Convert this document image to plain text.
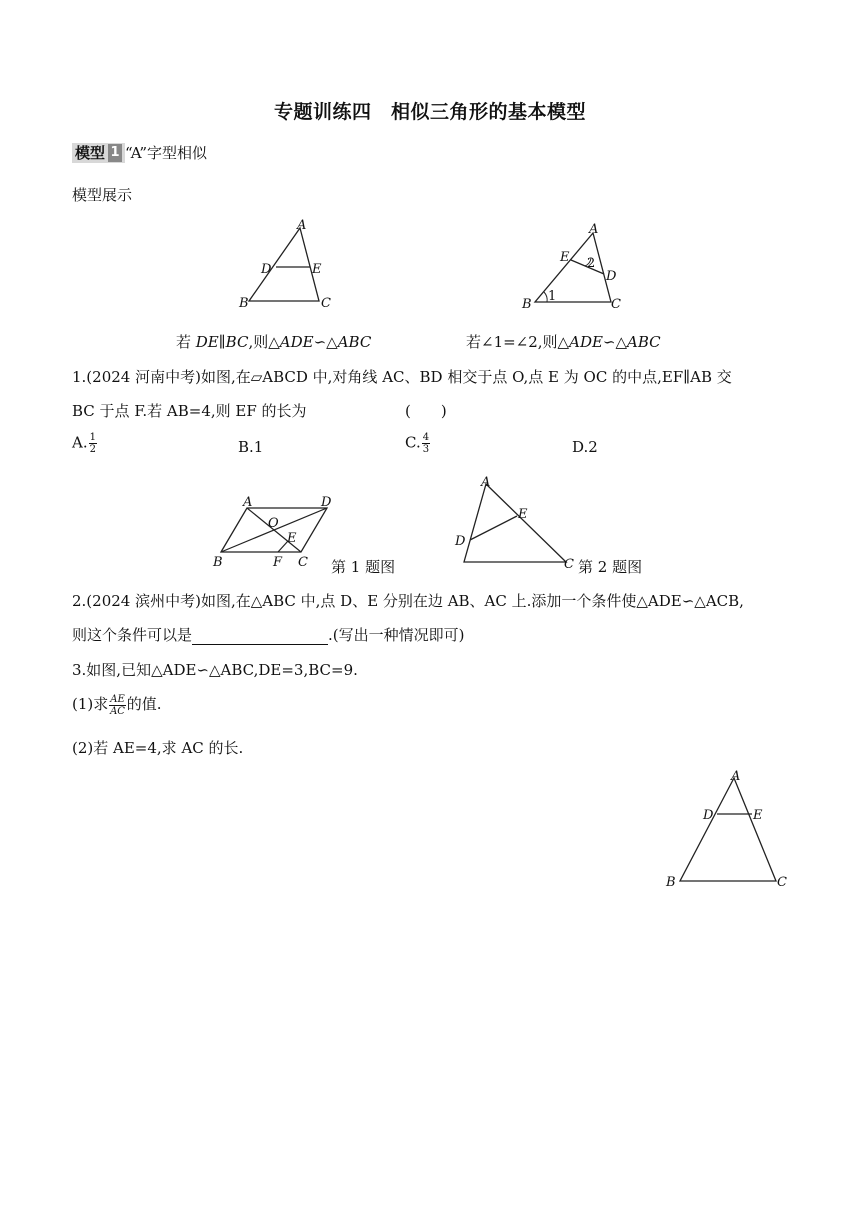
专题训练四　相似三角形的基本模型
模型 1 “A”字型相似
模型展示
A
D	E
B	C
A
E
D
B	C
1
2
若 DE∥BC,则△ADE∽△ABC	若∠1=∠2,则△ADE∽△ABC
1.(2024 河南中考)如图,在▱ABCD 中,对角线 AC、BD 相交于点 O,点 E 为 OC 的中点,EF∥AB 交
BC 于点 F.若 AB=4,则 EF 的长为	(　　)
A. $\frac{1}{2}$	B.1	C. $\frac{4}{3}$	D.2
A	D
O
E
B	F C 第 1 题图
A
E
D
C 第 2 题图
2.(2024 滨州中考)如图,在△ABC 中,点 D、E 分别在边 AB、AC 上.添加一个条件使△ADE∽△ACB,
则这个条件可以是	.(写出一种情况即可)
3.如图,已知△ADE∽△ABC,DE=3,BC=9.
(1)求 $\frac{AE}{AC}$ 的值.
(2)若 AE=4,求 AC 的长.
A
D	E
B	C
